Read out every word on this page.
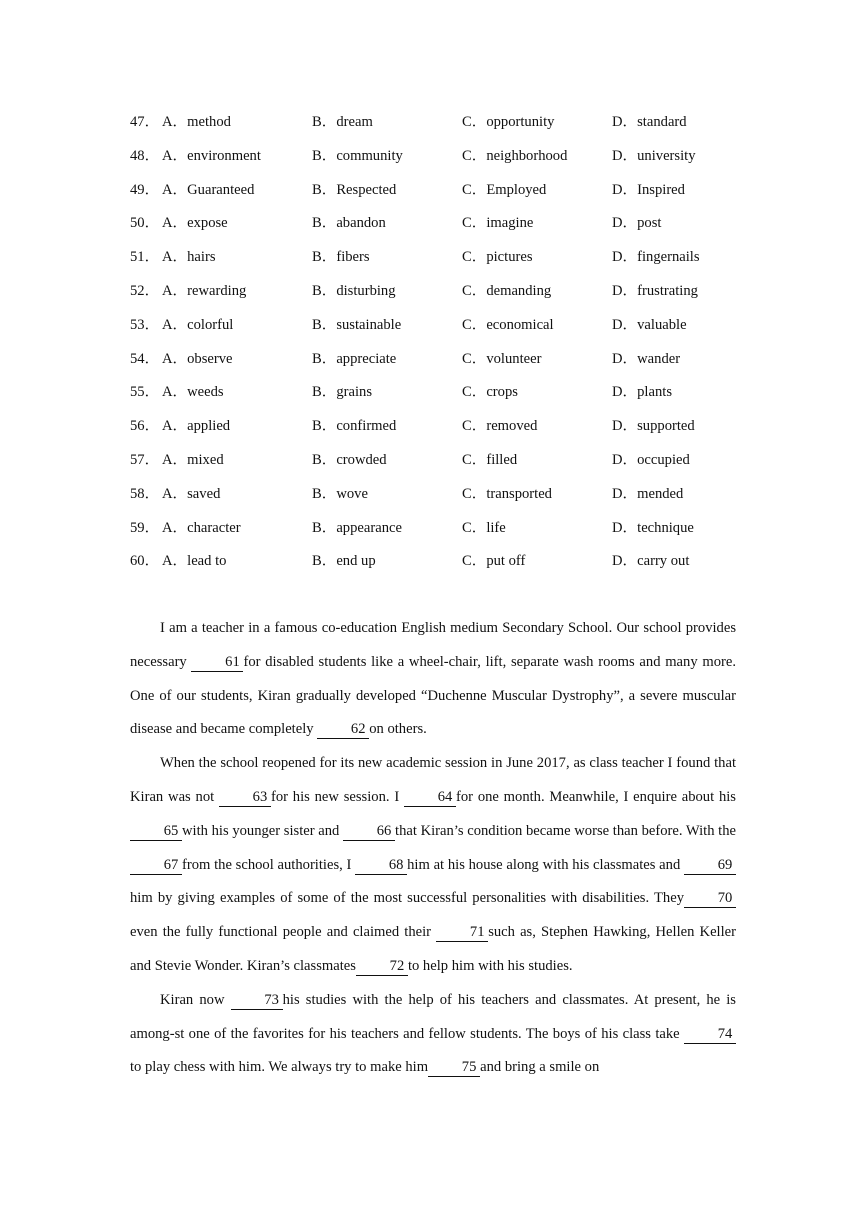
47． A．method	B．dream	C．opportunity	D．standard
48． A．environment	B．community	C．neighborhood	D．university
49． A．Guaranteed	B．Respected	C．Employed	D．Inspired
50． A．expose	B．abandon	C．imagine	D．post
51． A．hairs	B．fibers	C．pictures	D．fingernails
52． A．rewarding	B．disturbing	C．demanding	D．frustrating
53． A．colorful	B．sustainable	C．economical	D．valuable
54． A．observe	B．appreciate	C．volunteer	D．wander
55． A．weeds	B．grains	C．crops	D．plants
56． A．applied	B．confirmed	C．removed	D．supported
57． A．mixed	B．crowded	C．filled	D．occupied
58． A．saved	B．wove	C．transported	D．mended
59． A．character	B．appearance	C．life	D．technique
60． A．lead to	B．end up	C．put off	D．carry out

I am a teacher in a famous co-education English medium Secondary School. Our school provides necessary 61 for disabled students like a wheel-chair, lift, separate wash rooms and many more. One of our students, Kiran gradually developed “Duchenne Muscular Dystrophy”, a severe muscular disease and became completely 62 on others.

When the school reopened for its new academic session in June 2017, as class teacher I found that Kiran was not 63 for his new session. I 64 for one month. Meanwhile, I enquire about his 65 with his younger sister and 66 that Kiran’s condition became worse than before. With the 67 from the school authorities, I 68 him at his house along with his classmates and 69him by giving examples of some of the most successful personalities with disabilities. They 70even the fully functional people and claimed their 71 such as, Stephen Hawking, Hellen Keller and Stevie Wonder. Kiran’s classmates 72 to help him with his studies.

Kiran now 73 his studies with the help of his teachers and classmates. At present, he is among-st one of the favorites for his teachers and fellow students. The boys of his class take 74 to play chess with him. We always try to make him 75 and bring a smile on
